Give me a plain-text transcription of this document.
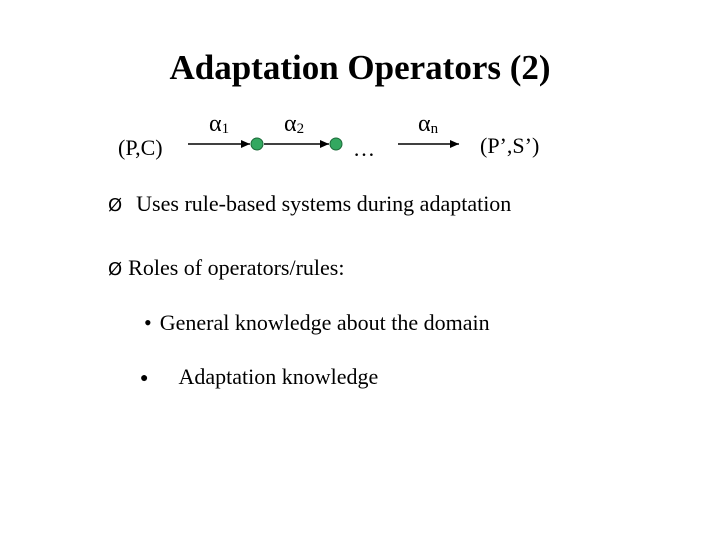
Adaptation Operators (2)
(P,C)
$\alpha_1$ $\alpha_2$	$\alpha_n$
…	(P’,S’)
Ø Uses rule-based systems during adaptation
Ø Roles of operators/rules:
• General knowledge about the domain
● Adaptation knowledge
